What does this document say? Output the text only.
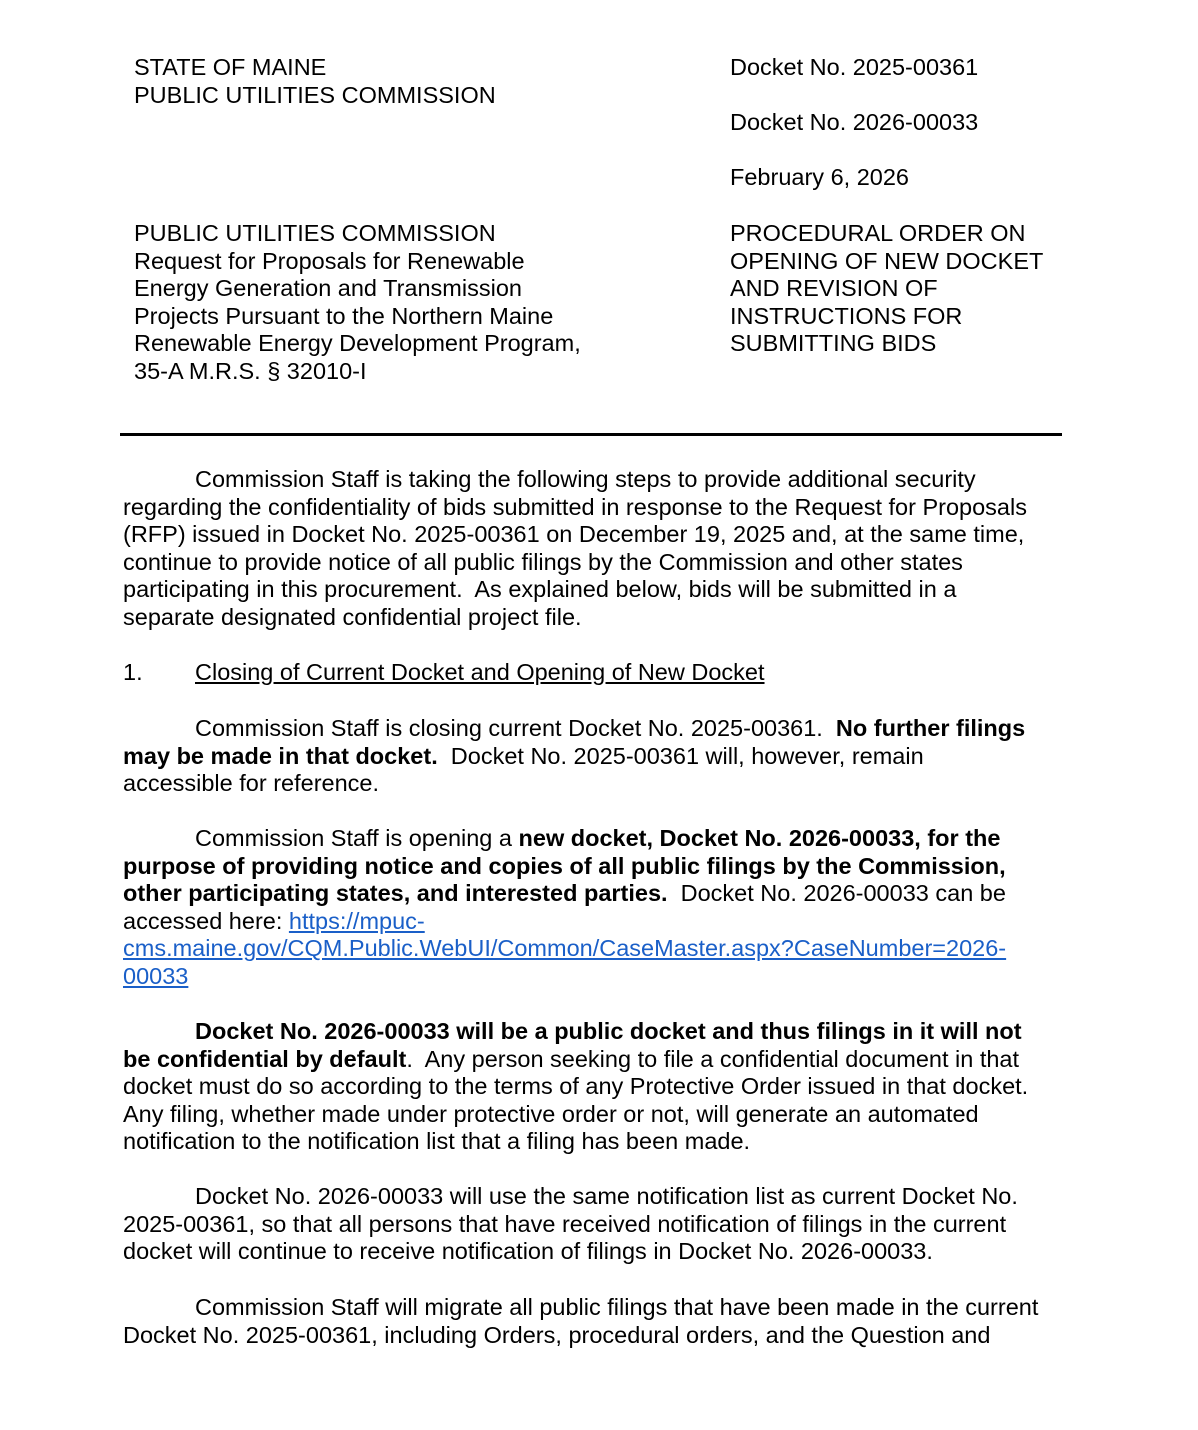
STATE OF MAINE
PUBLIC UTILITIES COMMISSION
Docket No. 2025-00361
Docket No. 2026-00033
February 6, 2026
PUBLIC UTILITIES COMMISSION
Request for Proposals for Renewable
Energy Generation and Transmission
Projects Pursuant to the Northern Maine
Renewable Energy Development Program,
35-A M.R.S. § 32010-I
PROCEDURAL ORDER ON
OPENING OF NEW DOCKET
AND REVISION OF
INSTRUCTIONS FOR
SUBMITTING BIDS
Commission Staff is taking the following steps to provide additional security
regarding the confidentiality of bids submitted in response to the Request for Proposals
(RFP) issued in Docket No. 2025-00361 on December 19, 2025 and, at the same time,
continue to provide notice of all public filings by the Commission and other states
participating in this procurement.  As explained below, bids will be submitted in a
separate designated confidential project file.
1. Closing of Current Docket and Opening of New Docket
Commission Staff is closing current Docket No. 2025-00361.  No further filings
may be made in that docket.  Docket No. 2025-00361 will, however, remain
accessible for reference.
Commission Staff is opening a new docket, Docket No. 2026-00033, for the
purpose of providing notice and copies of all public filings by the Commission,
other participating states, and interested parties.  Docket No. 2026-00033 can be
accessed here: https://mpuc-
cms.maine.gov/CQM.Public.WebUI/Common/CaseMaster.aspx?CaseNumber=2026-
00033
Docket No. 2026-00033 will be a public docket and thus filings in it will not
be confidential by default.  Any person seeking to file a confidential document in that
docket must do so according to the terms of any Protective Order issued in that docket.
Any filing, whether made under protective order or not, will generate an automated
notification to the notification list that a filing has been made.
Docket No. 2026-00033 will use the same notification list as current Docket No.
2025-00361, so that all persons that have received notification of filings in the current
docket will continue to receive notification of filings in Docket No. 2026-00033.
Commission Staff will migrate all public filings that have been made in the current
Docket No. 2025-00361, including Orders, procedural orders, and the Question and
